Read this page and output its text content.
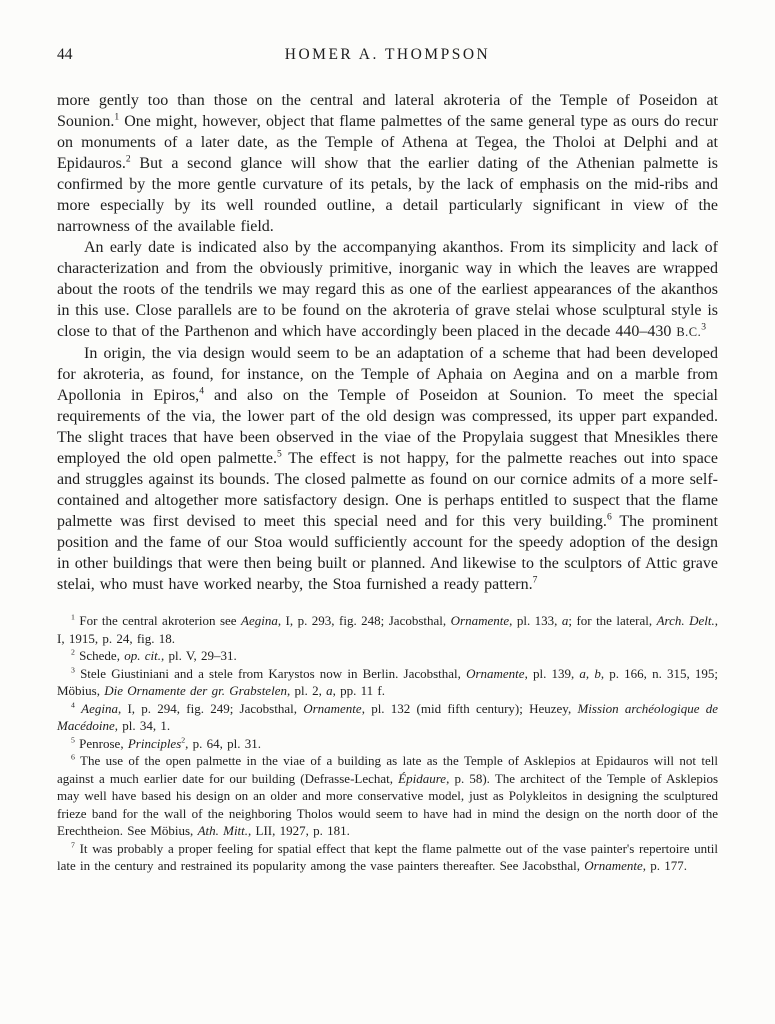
44	HOMER A. THOMPSON

more gently too than those on the central and lateral akroteria of the Temple of Poseidon at Sounion.$^1$ One might, however, object that flame palmettes of the same general type as ours do recur on monuments of a later date, as the Temple of Athena at Tegea, the Tholoi at Delphi and at Epidauros.$^2$ But a second glance will show that the earlier dating of the Athenian palmette is confirmed by the more gentle curvature of its petals, by the lack of emphasis on the mid-ribs and more especially by its well rounded outline, a detail particularly significant in view of the narrowness of the available field.

An early date is indicated also by the accompanying akanthos. From its simplicity and lack of characterization and from the obviously primitive, inorganic way in which the leaves are wrapped about the roots of the tendrils we may regard this as one of the earliest appearances of the akanthos in this use. Close parallels are to be found on the akroteria of grave stelai whose sculptural style is close to that of the Parthenon and which have accordingly been placed in the decade 440–430 B.C.$^3$

In origin, the via design would seem to be an adaptation of a scheme that had been developed for akroteria, as found, for instance, on the Temple of Aphaia on Aegina and on a marble from Apollonia in Epiros,$^4$ and also on the Temple of Poseidon at Sounion. To meet the special requirements of the via, the lower part of the old design was compressed, its upper part expanded. The slight traces that have been observed in the viae of the Propylaia suggest that Mnesikles there employed the old open palmette.$^5$ The effect is not happy, for the palmette reaches out into space and struggles against its bounds. The closed palmette as found on our cornice admits of a more self-contained and altogether more satisfactory design. One is perhaps entitled to suspect that the flame palmette was first devised to meet this special need and for this very building.$^6$ The prominent position and the fame of our Stoa would sufficiently account for the speedy adoption of the design in other buildings that were then being built or planned. And likewise to the sculptors of Attic grave stelai, who must have worked nearby, the Stoa furnished a ready pattern.$^7$

$^1$ For the central akroterion see Aegina, I, p. 293, fig. 248; Jacobsthal, Ornamente, pl. 133, a; for the lateral, Arch. Delt., I, 1915, p. 24, fig. 18.

$^2$ Schede, op. cit., pl. V, 29–31.

$^3$ Stele Giustiniani and a stele from Karystos now in Berlin. Jacobsthal, Ornamente, pl. 139, a, b, p. 166, n. 315, 195; Möbius, Die Ornamente der gr. Grabstelen, pl. 2, a, pp. 11 f.

$^4$ Aegina, I, p. 294, fig. 249; Jacobsthal, Ornamente, pl. 132 (mid fifth century); Heuzey, Mission archéologique de Macédoine, pl. 34, 1.

$^5$ Penrose, Principles$^2$, p. 64, pl. 31.

$^6$ The use of the open palmette in the viae of a building as late as the Temple of Asklepios at Epidauros will not tell against a much earlier date for our building (Defrasse-Lechat, Épidaure, p. 58). The architect of the Temple of Asklepios may well have based his design on an older and more conservative model, just as Polykleitos in designing the sculptured frieze band for the wall of the neighboring Tholos would seem to have had in mind the design on the north door of the Erechtheion. See Möbius, Ath. Mitt., LII, 1927, p. 181.

$^7$ It was probably a proper feeling for spatial effect that kept the flame palmette out of the vase painter's repertoire until late in the century and restrained its popularity among the vase painters thereafter. See Jacobsthal, Ornamente, p. 177.
